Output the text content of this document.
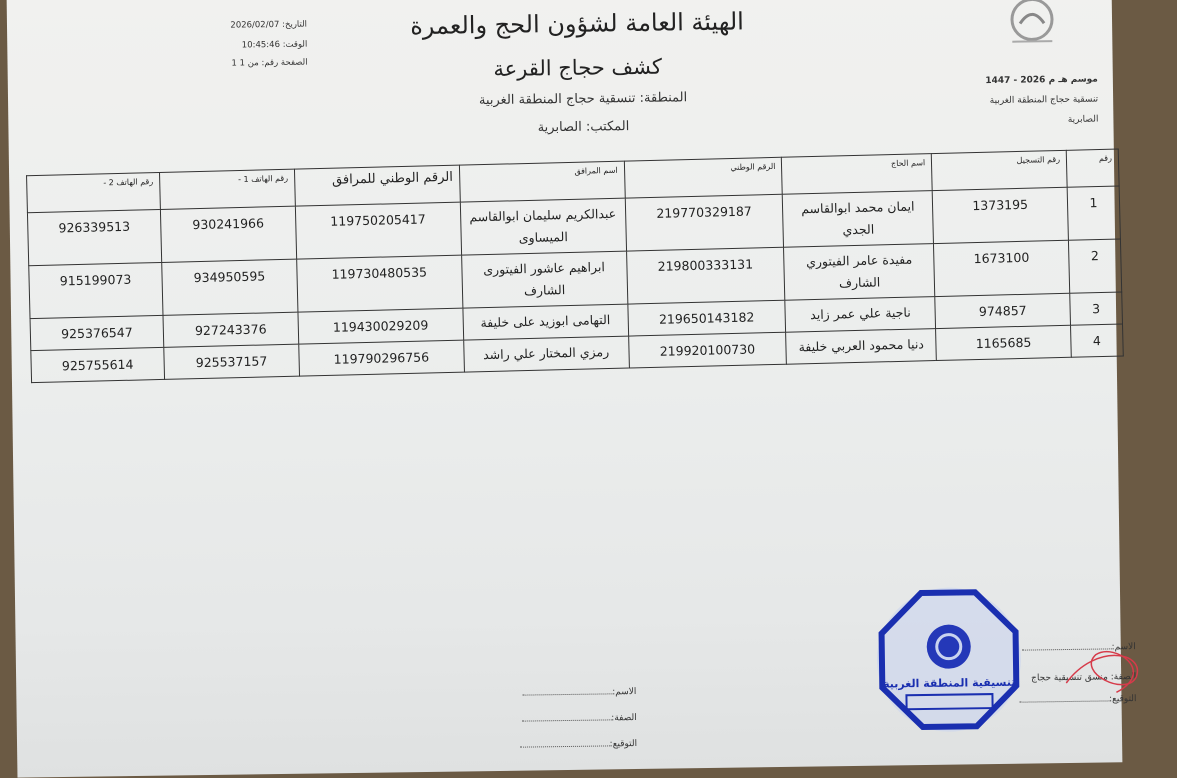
الهيئة العامة لشؤون الحج والعمرة
كشف حجاج القرعة
المنطقة: تنسقية حجاج المنطقة الغربية
المكتب: الصابرية
التاريخ: 2026/02/07
الوقت: 10:45:46
الصفحة رقم: من 1 1
موسم هـ م 2026 - 1447
تنسقية حجاج المنطقة الغربية
الصابرية
رقم	رقم التسجيل	اسم الحاج	الرقم الوطني	اسم المرافق	الرقم الوطني للمرافق	رقم الهاتف 1 -	رقم الهاتف 2 -
1	1373195	ايمان محمد ابوالقاسم الجدي	219770329187	عبدالكريم سليمان ابوالقاسم الميساوى	119750205417	930241966	926339513
2	1673100	مفيدة عامر الفيتوري الشارف	219800333131	ابراهيم عاشور الفيتورى الشارف	119730480535	934950595	915199073
3	974857	ناجية علي عمر زايد	219650143182	التهامى ابوزيد على خليفة	119430029209	927243376	925376547
4	1165685	دنيا محمود العربي خليفة	219920100730	رمزي المختار علي راشد	119790296756	925537157	925755614
الاسم:
الصفة:
التوقيع:
الاسم:
الصفة: منسق تنسيقية حجاج
التوقيع:
تنسيقية المنطقة الغربية
